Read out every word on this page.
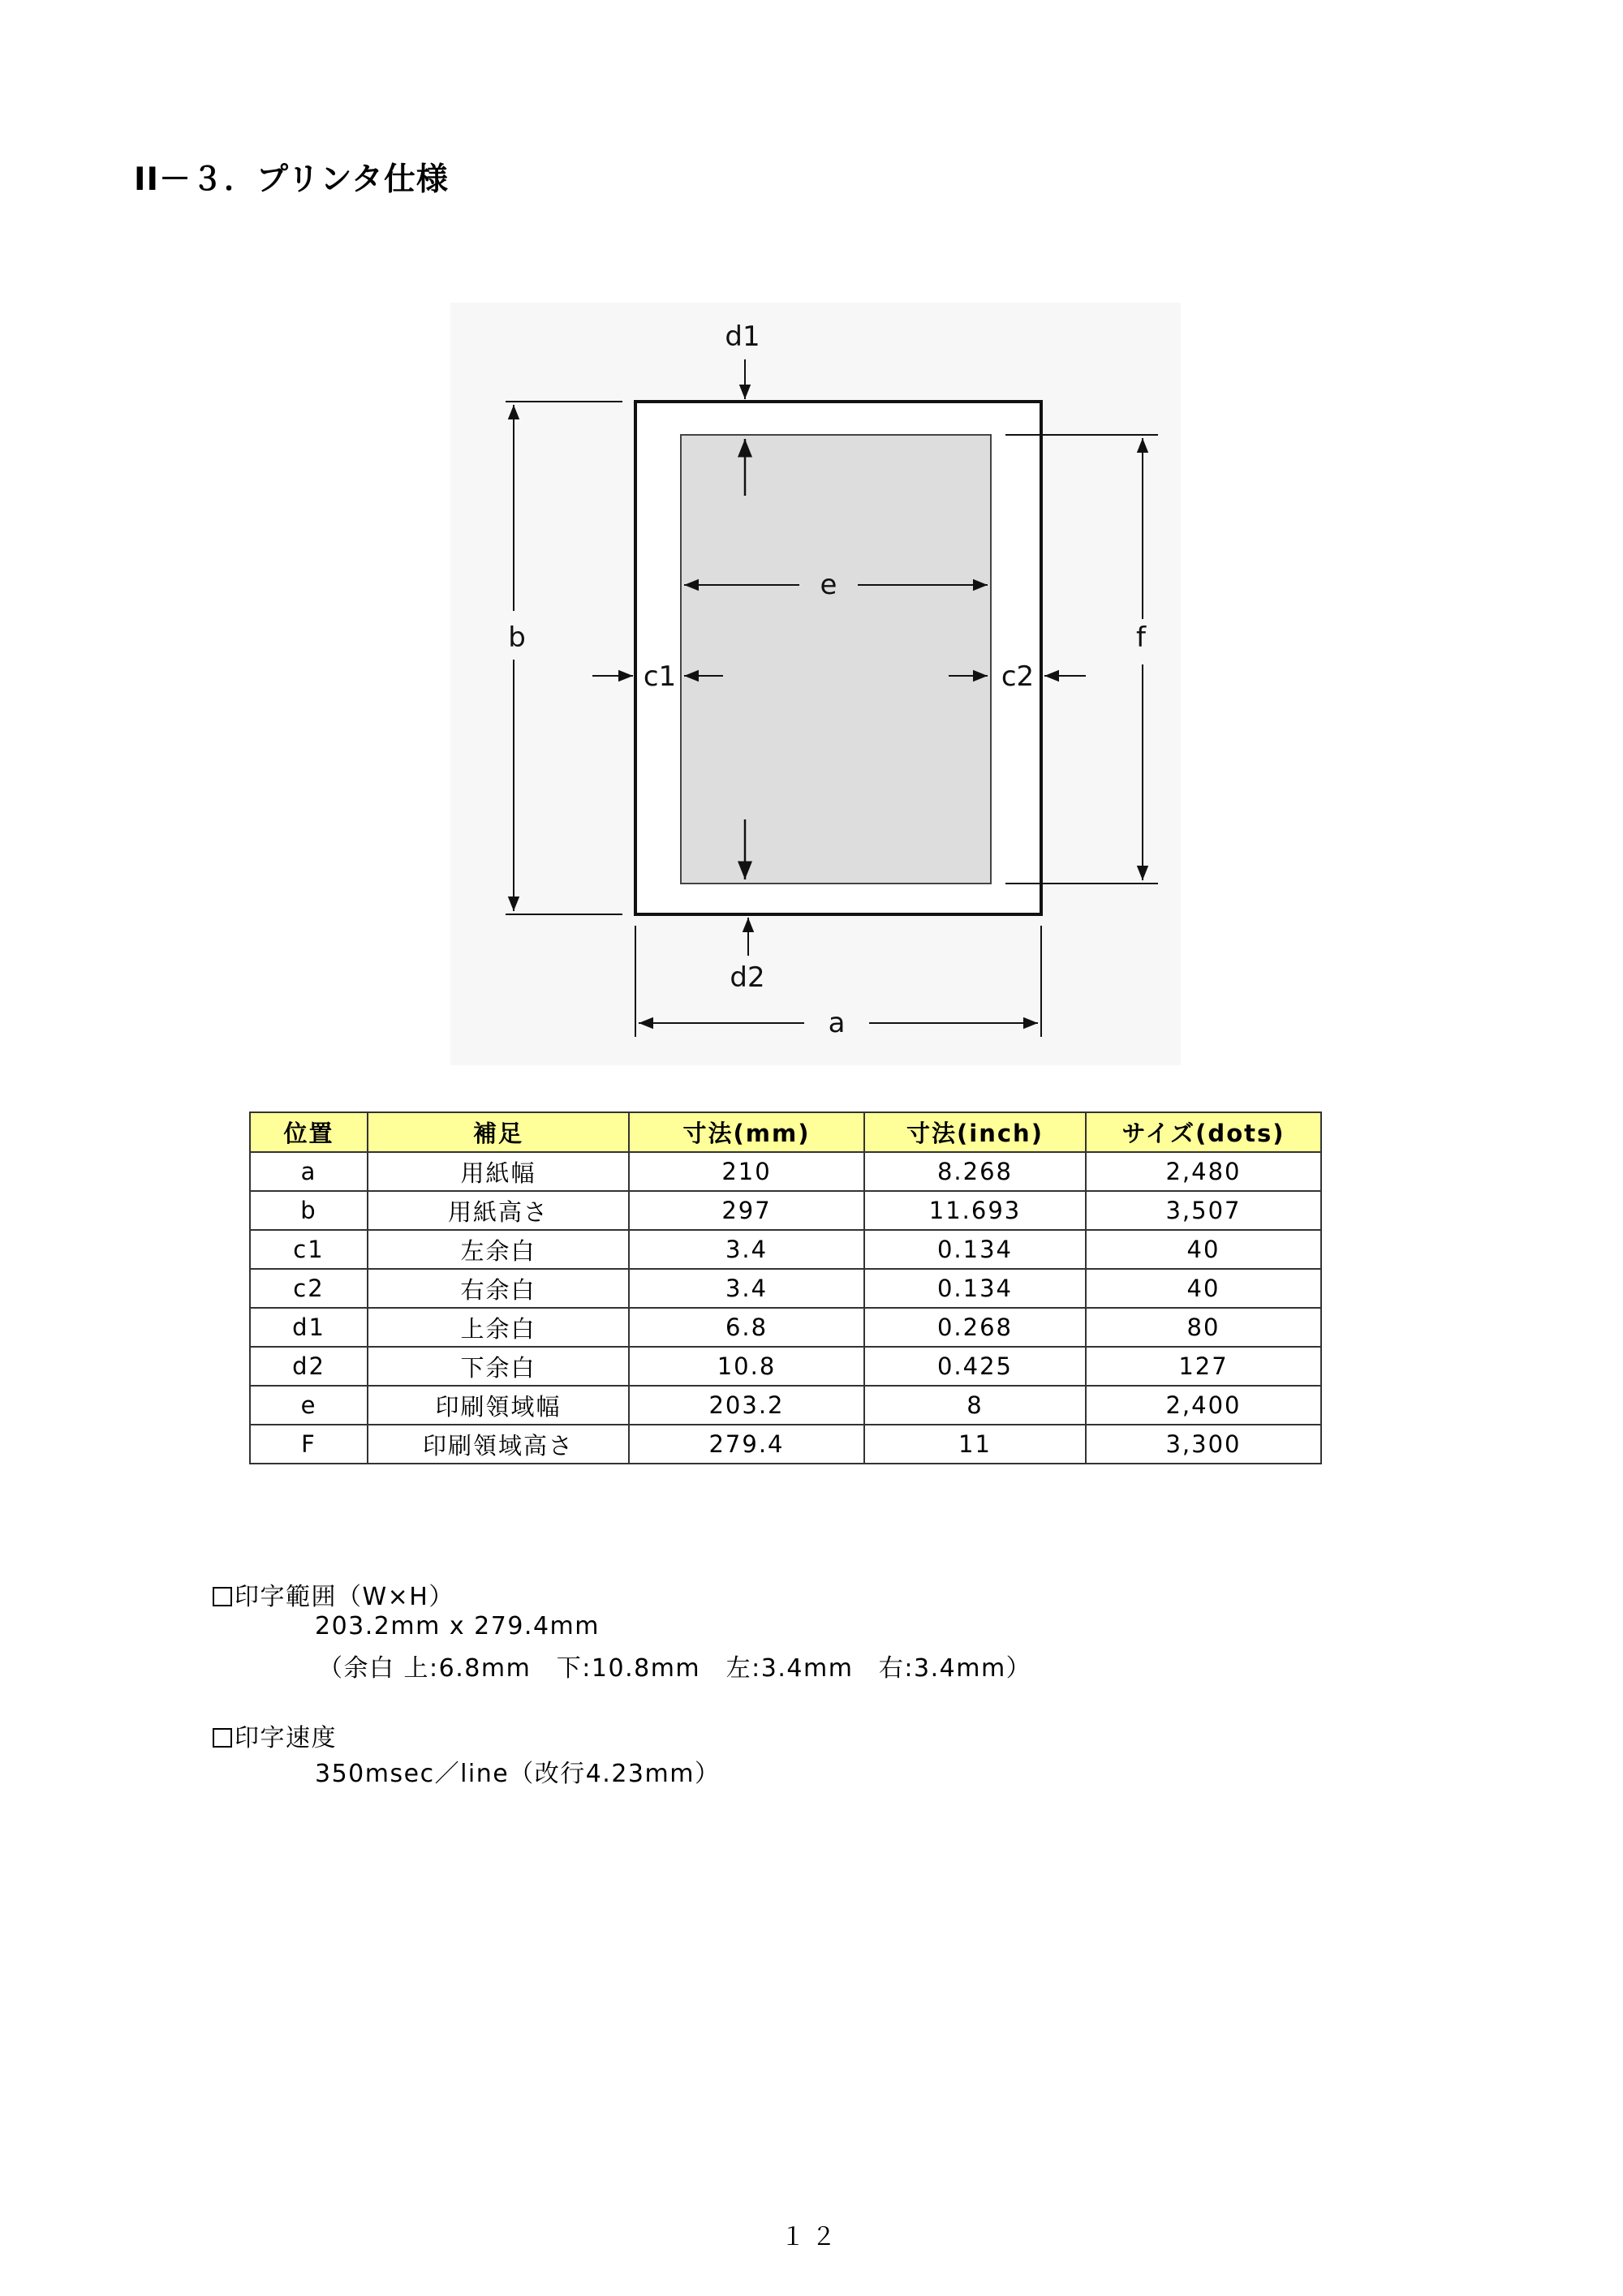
II－３．プリンタ仕様
d1
b	f
e
c1	c2
d2
a
位置	補足	寸法(mm)	寸法(inch)	サイズ(dots)
a	用紙幅	210	8.268	2,480
b	用紙高さ	297	11.693	3,507
c1	左余白	3.4	0.134	40
c2	右余白	3.4	0.134	40
d1	上余白	6.8	0.268	80
d2	下余白	10.8	0.425	127
e	印刷領域幅	203.2	8	2,400
F	印刷領域高さ	279.4	11	3,300
印字範囲（W×H）
203.2mm x 279.4mm
（余白 上:6.8mm　下:10.8mm　左:3.4mm　右:3.4mm）
印字速度
350msec／line（改行4.23mm）
１２
